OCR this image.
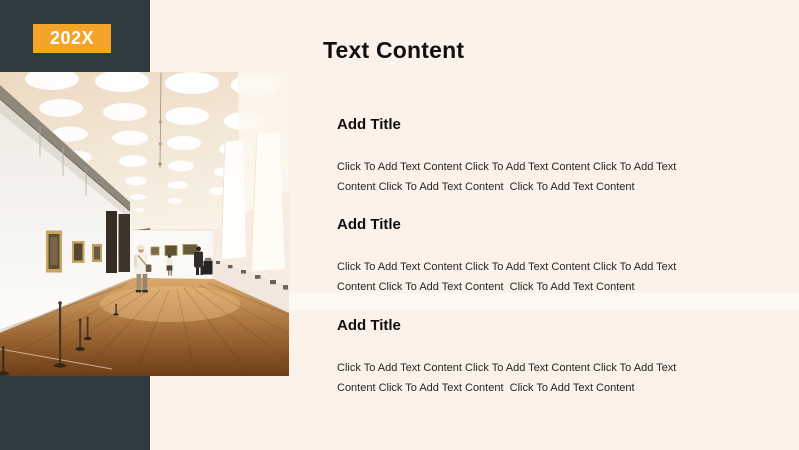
202X	Text Content
Add Title

Click To Add Text Content Click To Add Text Content Click To Add Text Content Click To Add Text Content  Click To Add Text Content

Add Title

Click To Add Text Content Click To Add Text Content Click To Add Text Content Click To Add Text Content  Click To Add Text Content

Add Title

Click To Add Text Content Click To Add Text Content Click To Add Text Content Click To Add Text Content  Click To Add Text Content
